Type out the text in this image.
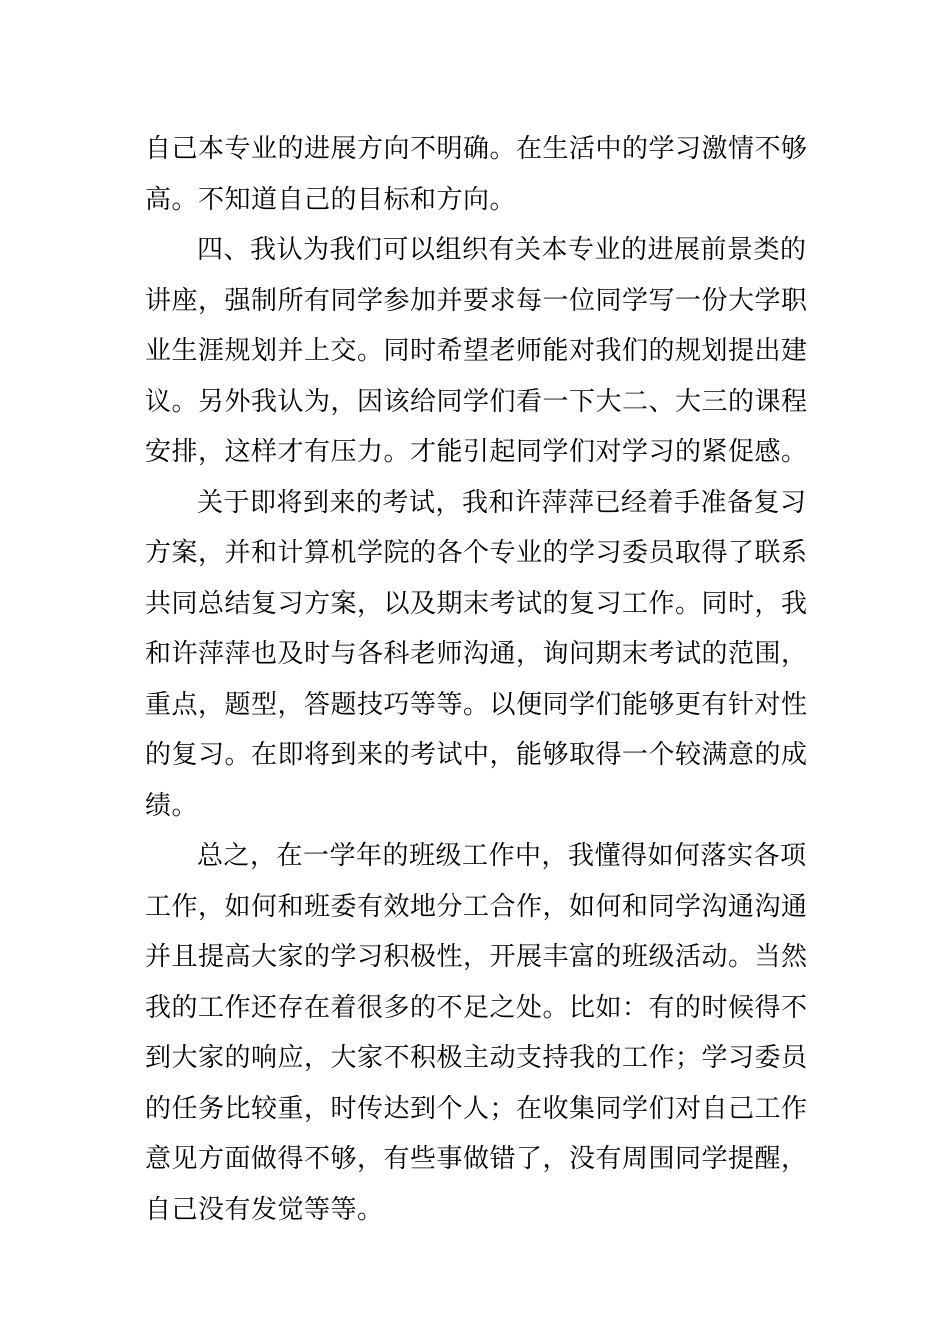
自己本专业的进展方向不明确。在生活中的学习激情不够
高。不知道自己的目标和方向。
四、我认为我们可以组织有关本专业的进展前景类的
讲座，强制所有同学参加并要求每一位同学写一份大学职
业生涯规划并上交。同时希望老师能对我们的规划提出建
议。另外我认为，因该给同学们看一下大二、大三的课程
安排，这样才有压力。才能引起同学们对学习的紧促感。
关于即将到来的考试，我和许萍萍已经着手准备复习
方案，并和计算机学院的各个专业的学习委员取得了联系
共同总结复习方案，以及期末考试的复习工作。同时，我
和许萍萍也及时与各科老师沟通，询问期末考试的范围，
重点，题型，答题技巧等等。以便同学们能够更有针对性
的复习。在即将到来的考试中，能够取得一个较满意的成
绩。
总之，在一学年的班级工作中，我懂得如何落实各项
工作，如何和班委有效地分工合作，如何和同学沟通沟通
并且提高大家的学习积极性，开展丰富的班级活动。当然
我的工作还存在着很多的不足之处。比如：有的时候得不
到大家的响应，大家不积极主动支持我的工作；学习委员
的任务比较重，时传达到个人；在收集同学们对自己工作
意见方面做得不够，有些事做错了，没有周围同学提醒，
自己没有发觉等等。
